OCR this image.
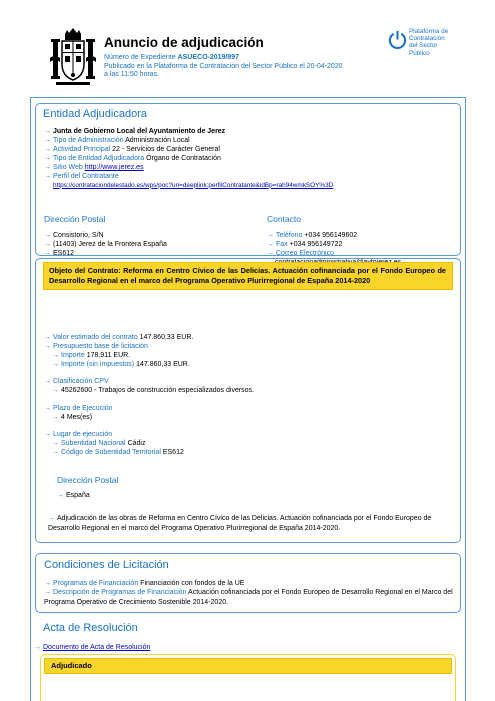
Anuncio de adjudicación
Número de Expediente ASUECO-2019/897
Publicado en la Plataforma de Contratación del Sector Público el 20-04-2020
a las 11:50 horas.
Plataforma de
Contratación
del Sector
Público
Entidad Adjudicadora
→ Junta de Gobierno Local del Ayuntamiento de Jerez
→ Tipo de Administración Administración Local
→ Actividad Principal 22 - Servicios de Carácter General
→ Tipo de Entidad Adjudicadora Órgano de Contratación
→ Sitio Web http://www.jerez.es
→ Perfil del Contratante
https://contrataciondelestado.es/wps/poc?uri=deeplink:perfilContratante&idBp=rah94wmkSOY%3D
Dirección Postal
→ Consistorio, S/N
→ (11403) Jerez de la Frontera España
→ ES612
Contacto
→ Teléfono +034 956149602
→ Fax +034 956149722
→ Correo Electrónico
Objeto del Contrato: Reforma en Centro Cívico de las Delicias. Actuación cofinanciada por el Fondo Europeo de Desarrollo Regional en el marco del Programa Operativo Plurirregional de España 2014-2020
→ Valor estimado del contrato 147.860,33 EUR.
→ Presupuesto base de licitación
→ Importe 178.911 EUR.
→ Importe (sin impuestos) 147.860,33 EUR.
→ Clasificación CPV
→ 45262600 - Trabajos de construcción especializados diversos.
→ Plazo de Ejecución
→ 4 Mes(es)
→ Lugar de ejecución
→ Subentidad Nacional Cádiz
→ Código de Subentidad Territorial ES612
Dirección Postal
→ España
→ Adjudicación de las obras de Reforma en Centro Cívico de las Delicias. Actuación cofinanciada por el Fondo Europeo de Desarrollo Regional en el marco del Programa Operativo Plurirregional de España 2014-2020.
Condiciones de Licitación
→ Programas de Financiación Financiación con fondos de la UE
→ Descripción de Programas de Financiación Actuación cofinanciada por el Fondo Europeo de Desarrollo Regional en el Marco del Programa Operativo de Crecimiento Sostenible 2014-2020.
Acta de Resolución
→ Documento de Acta de Resolución
Adjudicado
